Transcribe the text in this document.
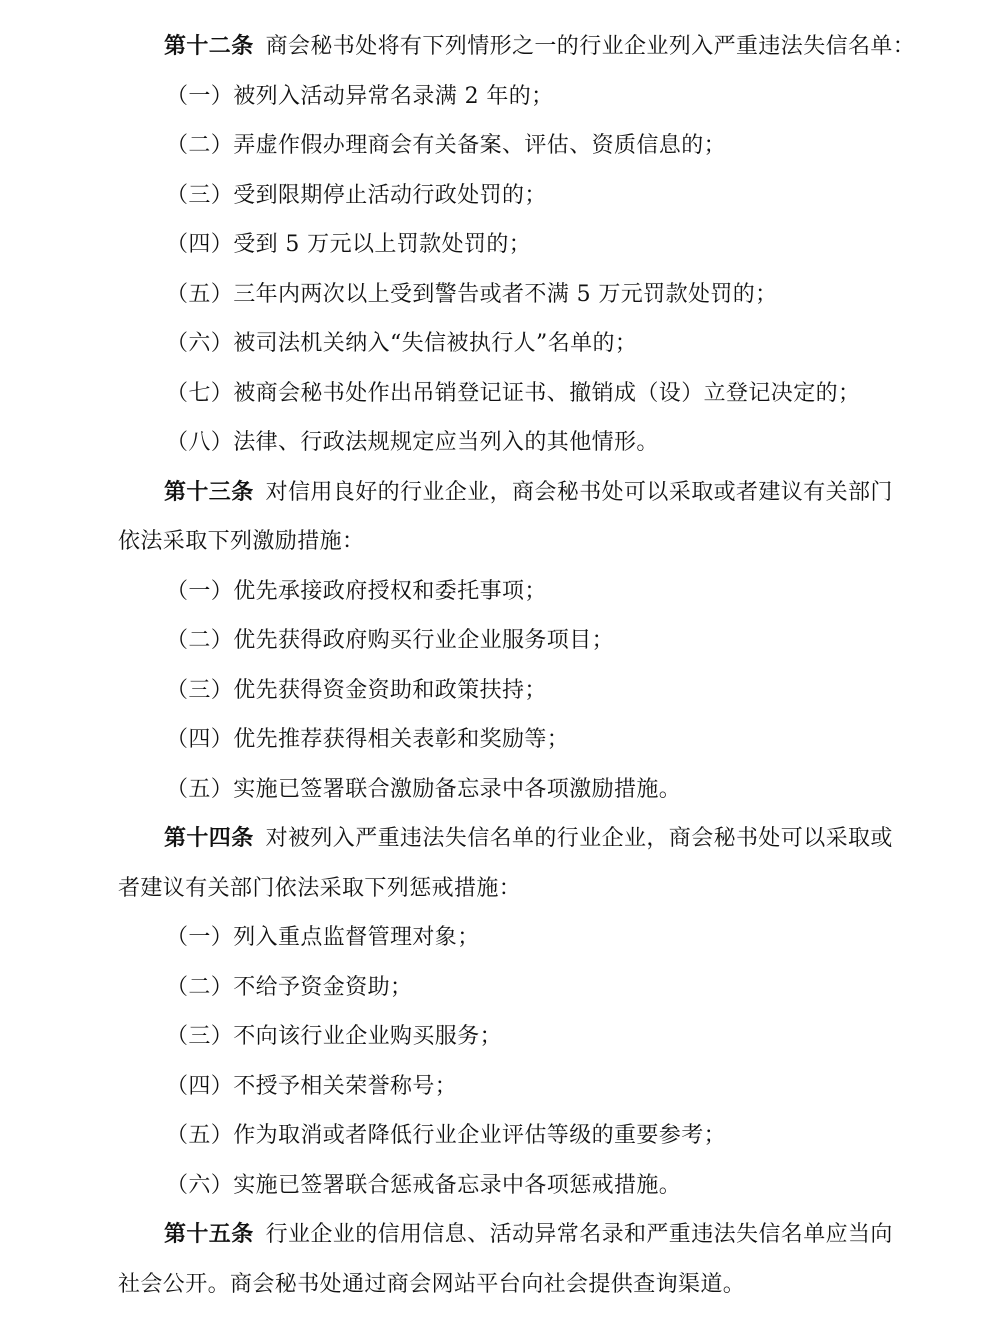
第十二条 商会秘书处将有下列情形之一的行业企业列入严重违法失信名单：
（一）被列入活动异常名录满 2 年的；
（二）弄虚作假办理商会有关备案、评估、资质信息的；
（三）受到限期停止活动行政处罚的；
（四）受到 5 万元以上罚款处罚的；
（五）三年内两次以上受到警告或者不满 5 万元罚款处罚的；
（六）被司法机关纳入“失信被执行人”名单的；
（七）被商会秘书处作出吊销登记证书、撤销成（设）立登记决定的；
（八）法律、行政法规规定应当列入的其他情形。
第十三条 对信用良好的行业企业，商会秘书处可以采取或者建议有关部门
依法采取下列激励措施：
（一）优先承接政府授权和委托事项；
（二）优先获得政府购买行业企业服务项目；
（三）优先获得资金资助和政策扶持；
（四）优先推荐获得相关表彰和奖励等；
（五）实施已签署联合激励备忘录中各项激励措施。
第十四条 对被列入严重违法失信名单的行业企业，商会秘书处可以采取或
者建议有关部门依法采取下列惩戒措施：
（一）列入重点监督管理对象；
（二）不给予资金资助；
（三）不向该行业企业购买服务；
（四）不授予相关荣誉称号；
（五）作为取消或者降低行业企业评估等级的重要参考；
（六）实施已签署联合惩戒备忘录中各项惩戒措施。
第十五条 行业企业的信用信息、活动异常名录和严重违法失信名单应当向
社会公开。商会秘书处通过商会网站平台向社会提供查询渠道。
